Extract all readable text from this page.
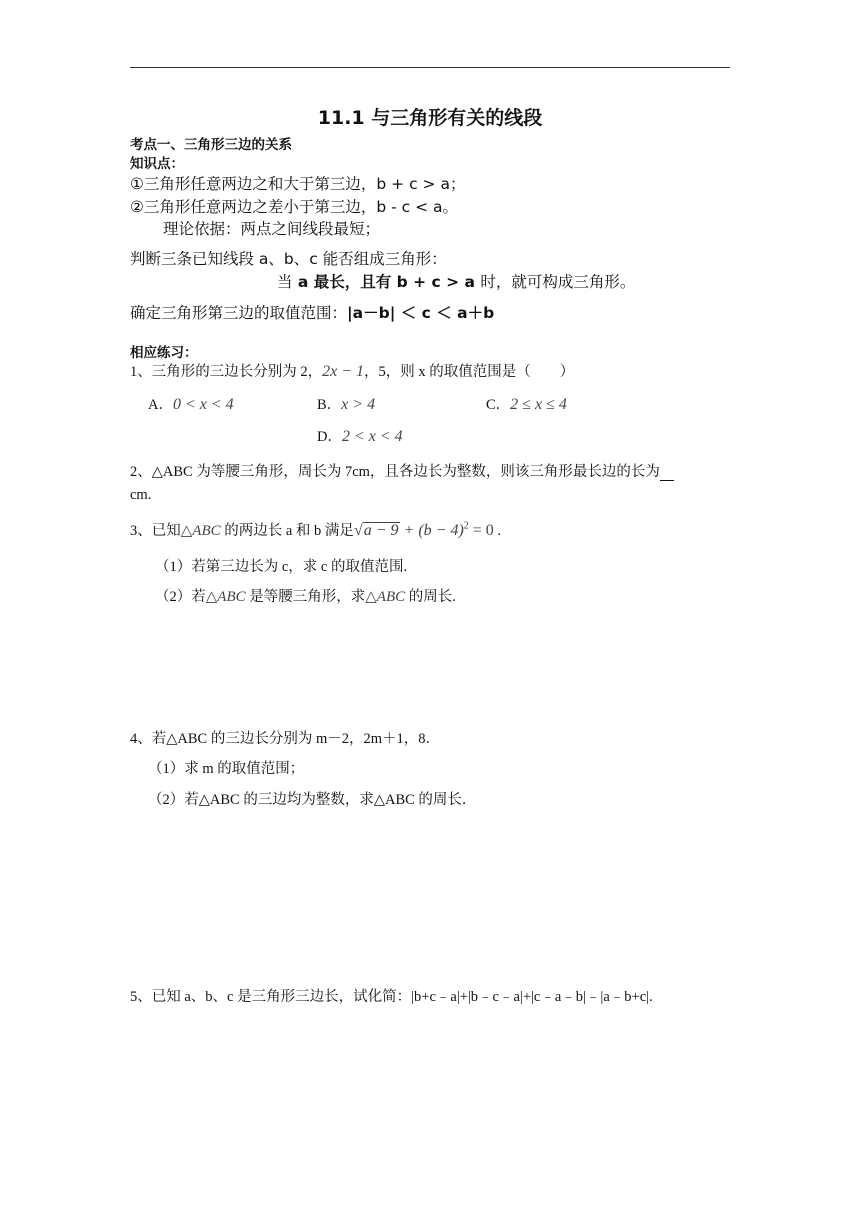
11.1 与三角形有关的线段
考点一、三角形三边的关系
知识点：
①三角形任意两边之和大于第三边，b + c > a；
②三角形任意两边之差小于第三边，b - c < a。
理论依据：两点之间线段最短；
判断三条已知线段 a、b、c 能否组成三角形：
当 a 最长，且有 b + c > a 时，就可构成三角形。
确定三角形第三边的取值范围：|a－b| ＜ c ＜ a＋b
相应练习：
1、三角形的三边长分别为 2，2x − 1，5，则 x 的取值范围是（　　）
A．0 < x < 4	B．x > 4	C．2 ≤ x ≤ 4
D．2 < x < 4
2、△ABC 为等腰三角形，周长为 7cm，且各边长为整数，则该三角形最长边的长为
cm.
3、已知△ABC 的两边长 a 和 b 满足$√a - 9 + (b - 4)^2 = 0$ .
（1）若第三边长为 c，求 c 的取值范围.
（2）若△ABC 是等腰三角形，求△ABC 的周长.
4、若△ABC 的三边长分别为 m－2，2m＋1，8．
（1）求 m 的取值范围；
（2）若△ABC 的三边均为整数，求△ABC 的周长．
5、已知 a、b、c 是三角形三边长，试化简：|b+c﹣a|+|b﹣c﹣a|+|c﹣a﹣b|﹣|a﹣b+c|.
